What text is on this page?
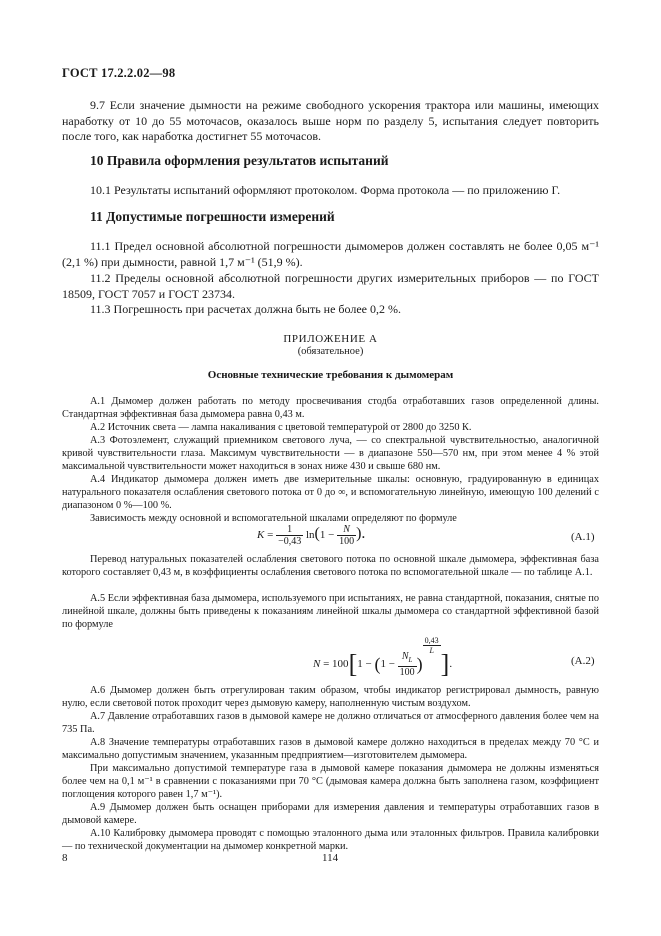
ГОСТ 17.2.2.02—98

9.7 Если значение дымности на режиме свободного ускорения трактора или машины, имеющих наработку от 10 до 55 моточасов, оказалось выше норм по разделу 5, испытания следует повторить после того, как наработка достигнет 55 моточасов.

10 Правила оформления результатов испытаний

10.1 Результаты испытаний оформляют протоколом. Форма протокола — по приложению Г.

11 Допустимые погрешности измерений

11.1 Предел основной абсолютной погрешности дымомеров должен составлять не более 0,05 м⁻¹ (2,1 %) при дымности, равной 1,7 м⁻¹ (51,9 %).

11.2 Пределы основной абсолютной погрешности других измерительных приборов — по ГОСТ 18509, ГОСТ 7057 и ГОСТ 23734.

11.3 Погрешность при расчетах должна быть не более 0,2 %.

ПРИЛОЖЕНИЕ А
(обязательное)
Основные технические требования к дымомерам

А.1 Дымомер должен работать по методу просвечивания стодба отработавших газов определенной длины. Стандартная эффективная база дымомера равна 0,43 м.

А.2 Источник света — лампа накаливания с цветовой температурой от 2800 до 3250 К.

А.3 Фотоэлемент, служащий приемником светового луча, — со спектральной чувствительностью, аналогичной кривой чувствительности глаза. Максимум чувствительности — в диапазоне 550—570 нм, при этом менее 4 % этой максимальной чувствительности может находиться в зонах ниже 430 и свыше 680 нм.

А.4 Индикатор дымомера должен иметь две измерительные шкалы: основную, градуированную в единицах натурального показателя ослабления светового потока от 0 до ∞, и вспомогательную линейную, имеющую 100 делений с диапазоном 0 %—100 %.

Зависимость между основной и вспомогательной шкалами определяют по формуле

$K = \frac{1}{-0,43} \ln(1 - \frac{N}{100}$ ).	(А.1)

Перевод натуральных показателей ослабления светового потока по основной шкале дымомера, эффективная база которого составляет 0,43 м, в коэффициенты ослабления светового потока по вспомогательной шкале — по таблице А.1.

А.5 Если эффективная база дымомера, используемого при испытаниях, не равна стандартной, показания, снятые по линейной шкале, должны быть приведены к показаниям линейной шкалы дымомера со стандартной эффективной базой по формуле

$N = 100[1 - (1 - \frac{N_L}{100}$ )
$\frac{0,43}{L}$
].	(А.2)

А.6 Дымомер должен быть отрегулирован таким образом, чтобы индикатор регистрировал дымность, равную нулю, если световой поток проходит через дымовую камеру, наполненную чистым воздухом.

А.7 Давление отработавших газов в дымовой камере не должно отличаться от атмосферного давления более чем на 735 Па.

А.8 Значение температуры отработавших газов в дымовой камере должно находиться в пределах между 70 °С и максимально допустимым значением, указанным предприятием—изготовителем дымомера.

При максимально допустимой температуре газа в дымовой камере показания дымомера не должны изменяться более чем на 0,1 м⁻¹ в сравнении с показаниями при 70 °С (дымовая камера должна быть заполнена газом, коэффициент поглощения которого равен 1,7 м⁻¹).

А.9 Дымомер должен быть оснащен приборами для измерения давления и температуры отработавших газов в дымовой камере.

А.10 Калибровку дымомера проводят с помощью эталонного дыма или эталонных фильтров. Правила калибровки — по технической документации на дымомер конкретной марки.

8	114
